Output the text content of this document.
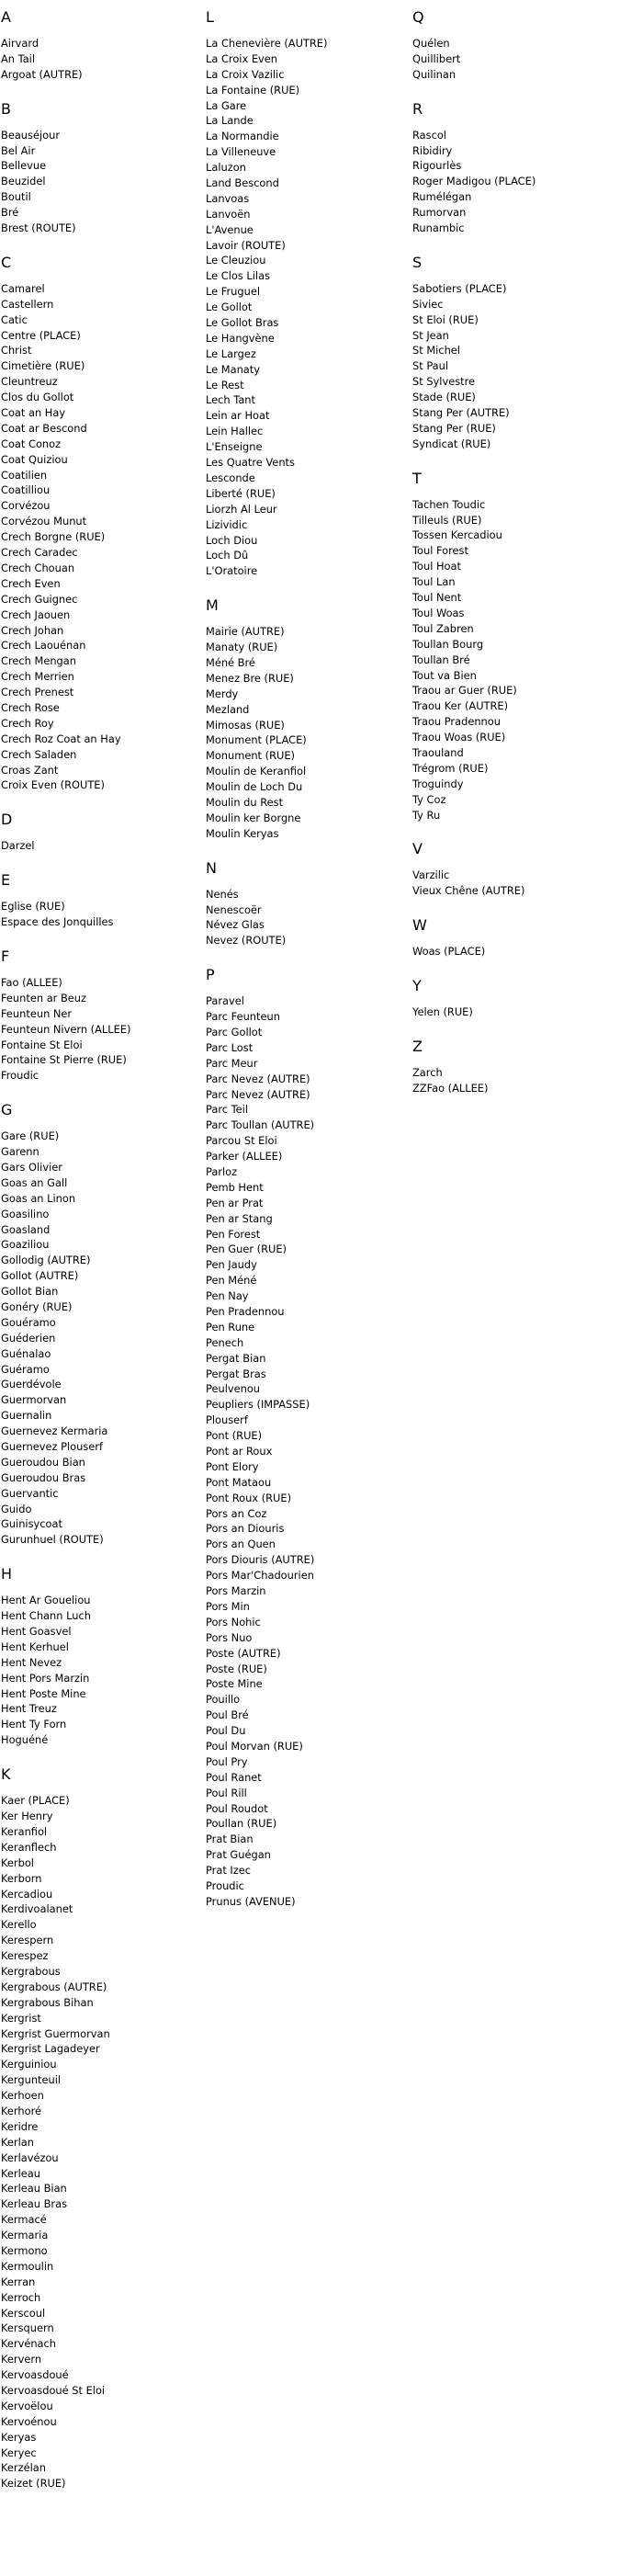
A
Airvard
An Tail
Argoat (AUTRE)
B
Beauséjour
Bel Air
Bellevue
Beuzidel
Boutil
Bré
Brest (ROUTE)
C
Camarel
Castellern
Catic
Centre (PLACE)
Christ
Cimetière (RUE)
Cleuntreuz
Clos du Gollot
Coat an Hay
Coat ar Bescond
Coat Conoz
Coat Quiziou
Coatilien
Coatilliou
Corvézou
Corvézou Munut
Crech Borgne (RUE)
Crech Caradec
Crech Chouan
Crech Even
Crech Guignec
Crech Jaouen
Crech Johan
Crech Laouénan
Crech Mengan
Crech Merrien
Crech Prenest
Crech Rose
Crech Roy
Crech Roz Coat an Hay
Crech Saladen
Croas Zant
Croix Even (ROUTE)
D
Darzel
E
Eglise (RUE)
Espace des Jonquilles
F
Fao (ALLEE)
Feunten ar Beuz
Feunteun Ner
Feunteun Nivern (ALLEE)
Fontaine St Eloi
Fontaine St Pierre (RUE)
Froudic
G
Gare (RUE)
Garenn
Gars Olivier
Goas an Gall
Goas an Linon
Goasilino
Goasland
Goaziliou
Gollodig (AUTRE)
Gollot (AUTRE)
Gollot Bian
Gonéry (RUE)
Gouéramo
Guéderien
Guénalao
Guéramo
Guerdévole
Guermorvan
Guernalin
Guernevez Kermaria
Guernevez Plouserf
Gueroudou Bian
Gueroudou Bras
Guervantic
Guido
Guinisycoat
Gurunhuel (ROUTE)
H
Hent Ar Goueliou
Hent Chann Luch
Hent Goasvel
Hent Kerhuel
Hent Nevez
Hent Pors Marzin
Hent Poste Mine
Hent Treuz
Hent Ty Forn
Hoguéné
K
Kaer (PLACE)
Ker Henry
Keranfiol
Keranflech
Kerbol
Kerborn
Kercadiou
Kerdivoalanet
Kerello
Kerespern
Kerespez
Kergrabous
Kergrabous (AUTRE)
Kergrabous Bihan
Kergrist
Kergrist Guermorvan
Kergrist Lagadeyer
Kerguiniou
Kergunteuil
Kerhoen
Kerhoré
Keridre
Kerlan
Kerlavézou
Kerleau
Kerleau Bian
Kerleau Bras
Kermacé
Kermaria
Kermono
Kermoulin
Kerran
Kerroch
Kerscoul
Kersquern
Kervénach
Kervern
Kervoasdoué
Kervoasdoué St Eloi
Kervoëlou
Kervoénou
Keryas
Keryec
Kerzélan
Keizet (RUE)
L
La Chenevière (AUTRE)
La Croix Even
La Croix Vazilic
La Fontaine (RUE)
La Gare
La Lande
La Normandie
La Villeneuve
Laluzon
Land Bescond
Lanvoas
Lanvoën
L'Avenue
Lavoir (ROUTE)
Le Cleuziou
Le Clos Lilas
Le Fruguel
Le Gollot
Le Gollot Bras
Le Hangvène
Le Largez
Le Manaty
Le Rest
Lech Tant
Lein ar Hoat
Lein Hallec
L'Enseigne
Les Quatre Vents
Lesconde
Liberté (RUE)
Liorzh Al Leur
Lizividic
Loch Diou
Loch Dû
L'Oratoire
M
Mairie (AUTRE)
Manaty (RUE)
Méné Bré
Menez Bre (RUE)
Merdy
Mezland
Mimosas (RUE)
Monument (PLACE)
Monument (RUE)
Moulin de Keranfiol
Moulin de Loch Du
Moulin du Rest
Moulin ker Borgne
Moulin Keryas
N
Nenés
Nenescoër
Névez Glas
Nevez (ROUTE)
P
Paravel
Parc Feunteun
Parc Gollot
Parc Lost
Parc Meur
Parc Nevez (AUTRE)
Parc Nevez (AUTRE)
Parc Teil
Parc Toullan (AUTRE)
Parcou St Eloi
Parker (ALLEE)
Parloz
Pemb Hent
Pen ar Prat
Pen ar Stang
Pen Forest
Pen Guer (RUE)
Pen Jaudy
Pen Méné
Pen Nay
Pen Pradennou
Pen Rune
Penech
Pergat Bian
Pergat Bras
Peulvenou
Peupliers (IMPASSE)
Plouserf
Pont (RUE)
Pont ar Roux
Pont Elory
Pont Mataou
Pont Roux (RUE)
Pors an Coz
Pors an Diouris
Pors an Quen
Pors Diouris (AUTRE)
Pors Mar'Chadourien
Pors Marzin
Pors Min
Pors Nohic
Pors Nuo
Poste (AUTRE)
Poste (RUE)
Poste Mine
Pouillo
Poul Bré
Poul Du
Poul Morvan (RUE)
Poul Pry
Poul Ranet
Poul Rill
Poul Roudot
Poullan (RUE)
Prat Bian
Prat Guégan
Prat Izec
Proudic
Prunus (AVENUE)
Q
Quélen
Quillibert
Quilinan
R
Rascol
Ribidiry
Rigourlès
Roger Madigou (PLACE)
Rumélégan
Rumorvan
Runambic
S
Sabotiers (PLACE)
Siviec
St Eloi (RUE)
St Jean
St Michel
St Paul
St Sylvestre
Stade (RUE)
Stang Per (AUTRE)
Stang Per (RUE)
Syndicat (RUE)
T
Tachen Toudic
Tilleuls (RUE)
Tossen Kercadiou
Toul Forest
Toul Hoat
Toul Lan
Toul Nent
Toul Woas
Toul Zabren
Toullan Bourg
Toullan Bré
Tout va Bien
Traou ar Guer (RUE)
Traou Ker (AUTRE)
Traou Pradennou
Traou Woas (RUE)
Traouland
Trégrom (RUE)
Troguindy
Ty Coz
Ty Ru
V
Varzilic
Vieux Chêne (AUTRE)
W
Woas (PLACE)
Y
Yelen (RUE)
Z
Zarch
ZZFao (ALLEE)
